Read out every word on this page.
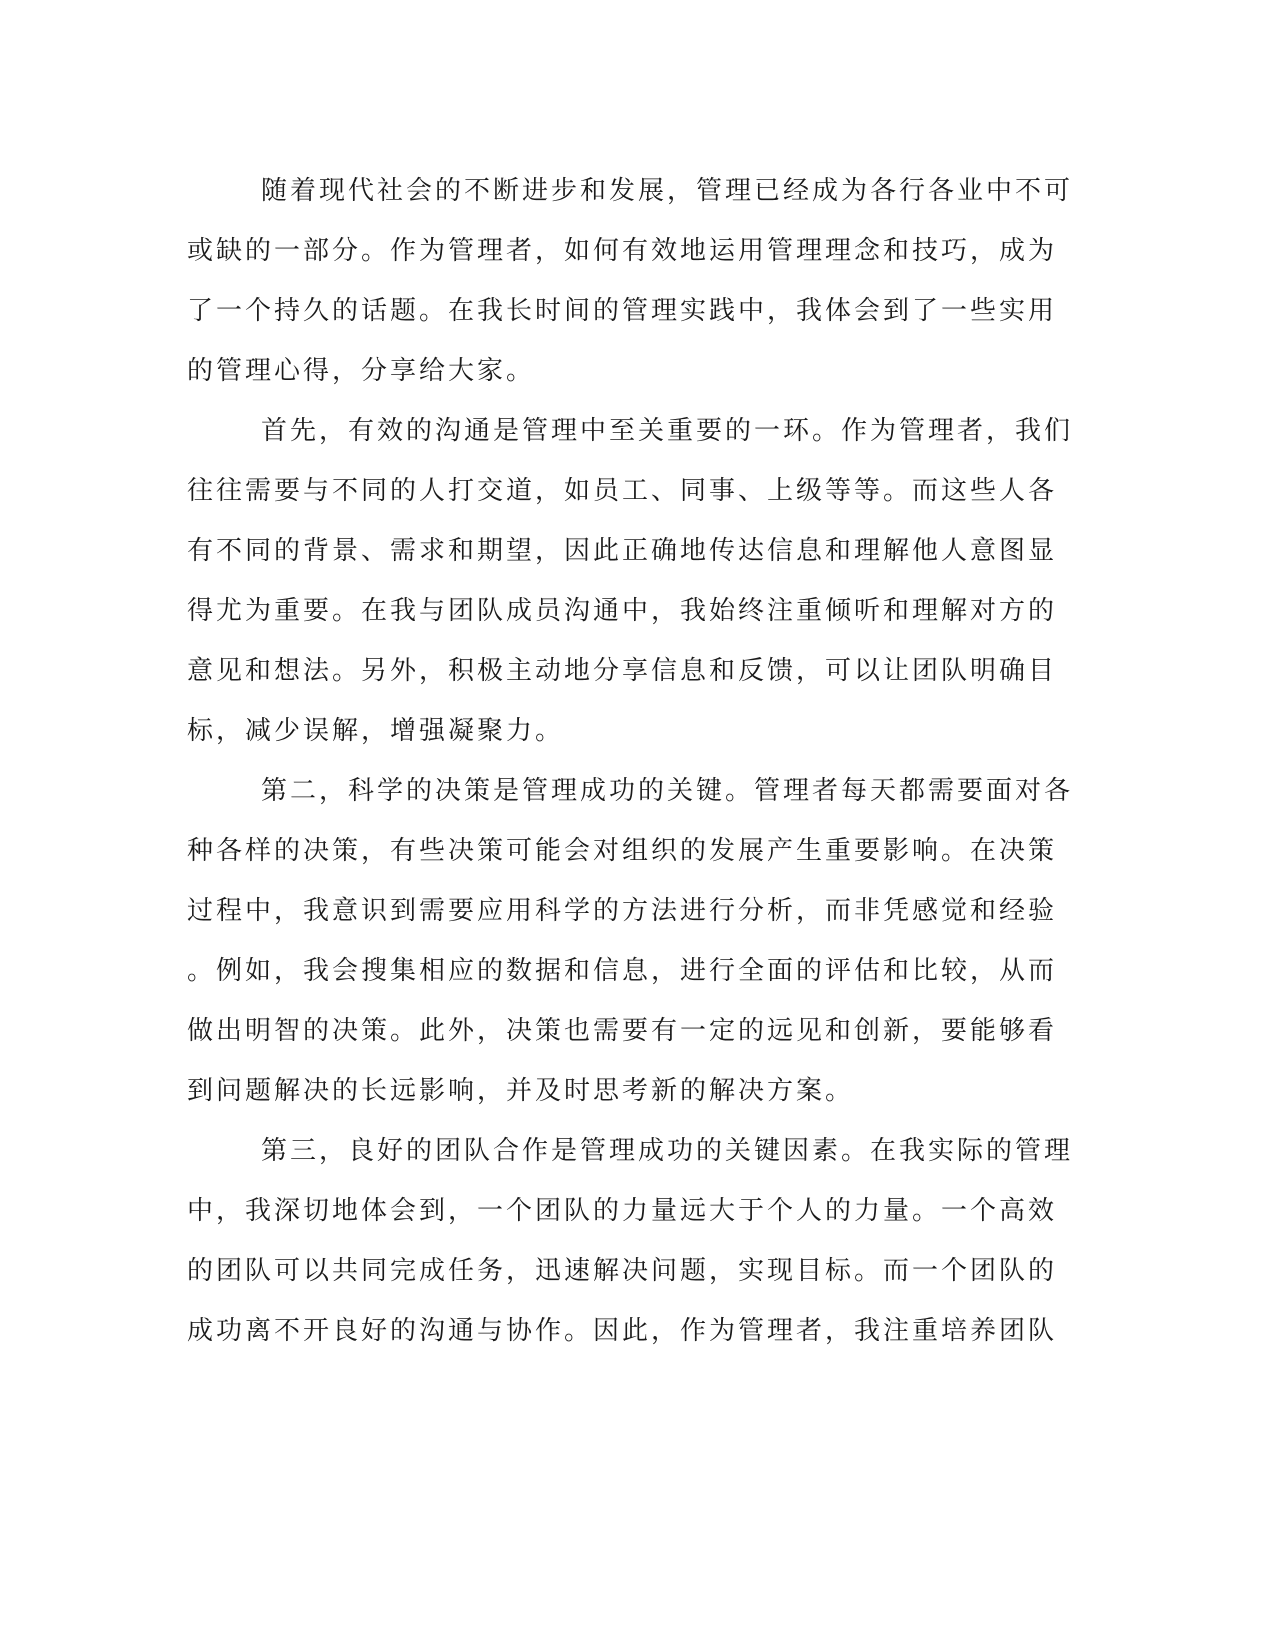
随着现代社会的不断进步和发展，管理已经成为各行各业中不可
或缺的一部分。作为管理者，如何有效地运用管理理念和技巧，成为
了一个持久的话题。在我长时间的管理实践中，我体会到了一些实用
的管理心得，分享给大家。
首先，有效的沟通是管理中至关重要的一环。作为管理者，我们
往往需要与不同的人打交道，如员工、同事、上级等等。而这些人各
有不同的背景、需求和期望，因此正确地传达信息和理解他人意图显
得尤为重要。在我与团队成员沟通中，我始终注重倾听和理解对方的
意见和想法。另外，积极主动地分享信息和反馈，可以让团队明确目
标，减少误解，增强凝聚力。
第二，科学的决策是管理成功的关键。管理者每天都需要面对各
种各样的决策，有些决策可能会对组织的发展产生重要影响。在决策
过程中，我意识到需要应用科学的方法进行分析，而非凭感觉和经验
。例如，我会搜集相应的数据和信息，进行全面的评估和比较，从而
做出明智的决策。此外，决策也需要有一定的远见和创新，要能够看
到问题解决的长远影响，并及时思考新的解决方案。
第三，良好的团队合作是管理成功的关键因素。在我实际的管理
中，我深切地体会到，一个团队的力量远大于个人的力量。一个高效
的团队可以共同完成任务，迅速解决问题，实现目标。而一个团队的
成功离不开良好的沟通与协作。因此，作为管理者，我注重培养团队
